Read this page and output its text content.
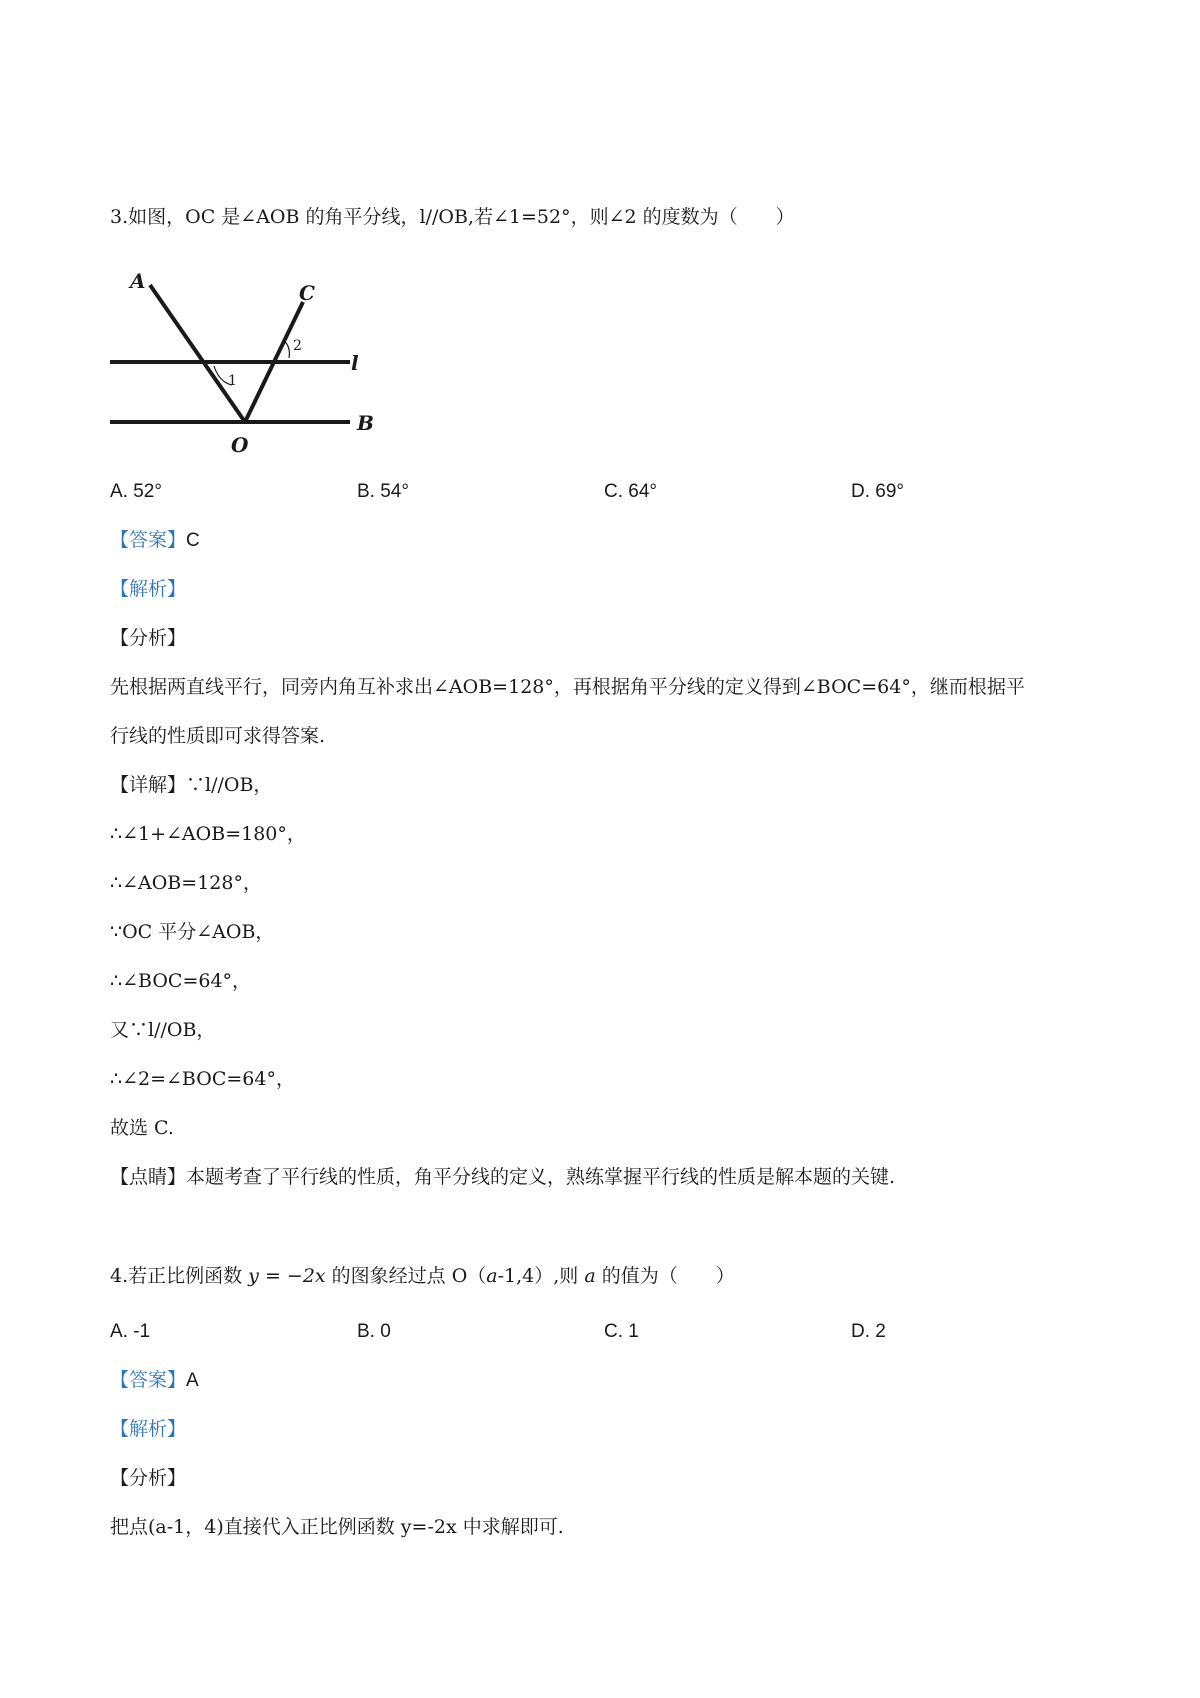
3.如图，OC 是∠AOB 的角平分线，l//OB,若∠1=52°，则∠2 的度数为（　　）
A	C
l
O
B
1
2
A. 52°	B. 54°	C. 64°	D. 69°
【答案】C
【解析】
【分析】
先根据两直线平行，同旁内角互补求出∠AOB=128°，再根据角平分线的定义得到∠BOC=64°，继而根据平
行线的性质即可求得答案.
【详解】∵l//OB，
∴∠1+∠AOB=180°，
∴∠AOB=128°，
∵OC 平分∠AOB，
∴∠BOC=64°，
又∵l//OB，
∴∠2=∠BOC=64°，
故选 C.
【点睛】本题考查了平行线的性质，角平分线的定义，熟练掌握平行线的性质是解本题的关键.
4.若正比例函数 y = −2x 的图象经过点 O（a-1,4）,则 a 的值为（　　）
A. -1	B. 0	C. 1	D. 2
【答案】A
【解析】
【分析】
把点(a-1，4)直接代入正比例函数 y=-2x 中求解即可.
